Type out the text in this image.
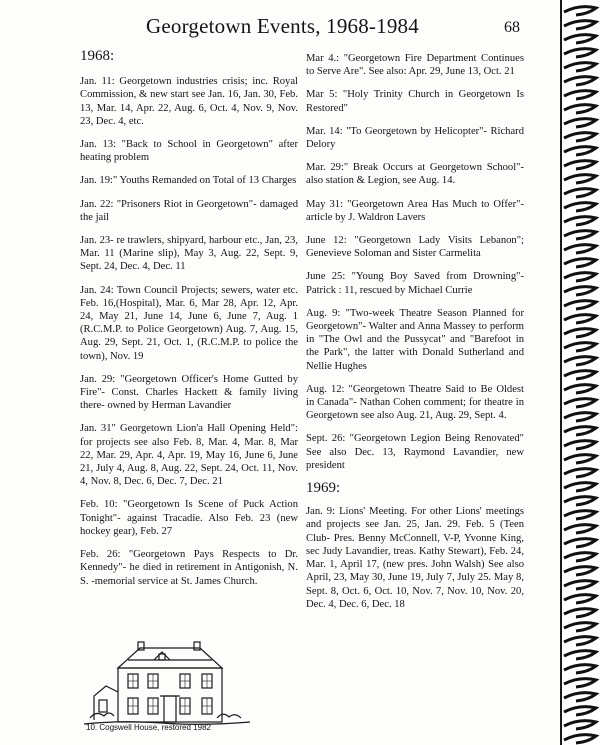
Georgetown Events, 1968-1984	68
1968:
Jan. 11: Georgetown industries crisis; inc. Royal Commission, & new start see Jan. 16, Jan. 30, Feb. 13, Mar. 14, Apr. 22, Aug. 6, Oct. 4, Nov. 9, Nov. 23, Dec. 4, etc.
Jan. 13: "Back to School in Georgetown" after heating problem
Jan. 19:" Youths Remanded on Total of 13 Charges
Jan. 22: "Prisoners Riot in Georgetown"- damaged the jail
Jan. 23- re trawlers, shipyard, harbour etc., Jan, 23, Mar. 11 (Marine slip), May 3, Aug. 22, Sept. 9, Sept. 24, Dec. 4, Dec. 11
Jan. 24: Town Council Projects; sewers, water etc. Feb. 16,(Hospital), Mar. 6, Mar 28, Apr. 12, Apr. 24, May 21, June 14, June 6, June 7, Aug. 1 (R.C.M.P. to Police Georgetown) Aug. 7, Aug. 15, Aug. 29, Sept. 21, Oct. 1, (R.C.M.P. to police the town), Nov. 19
Jan. 29: "Georgetown Officer's Home Gutted by Fire"- Const. Charles Hackett & family living there- owned by Herman Lavandier
Jan. 31" Georgetown Lion'a Hall Opening Held": for projects see also Feb. 8, Mar. 4, Mar. 8, Mar 22, Mar. 29, Apr. 4, Apr. 19, May 16, June 6, June 21, July 4, Aug. 8, Aug. 22, Sept. 24, Oct. 11, Nov. 4, Nov. 8, Dec. 6, Dec. 7, Dec. 21
Feb. 10: "Georgetown Is Scene of Puck Action Tonight"- against Tracadie. Also Feb. 23 (new hockey gear), Feb. 27
Feb. 26: "Georgetown Pays Respects to Dr. Kennedy"- he died in retirement in Antigonish, N. S. -memorial service at St. James Church.
Mar 4.: "Georgetown Fire Department Continues to Serve Are". See also: Apr. 29, June 13, Oct. 21
Mar 5: "Holy Trinity Church in Georgetown Is Restored"
Mar. 14: "To Georgetown by Helicopter"- Richard Delory
Mar. 29:" Break Occurs at Georgetown School"- also station & Legion, see Aug. 14.
May 31: "Georgetown Area Has Much to Offer"- article by J. Waldron Lavers
June 12: "Georgetown Lady Visits Lebanon"; Genevieve Soloman and Sister Carmelita
June 25: "Young Boy Saved from Drowning"- Patrick : 11, rescued by Michael Currie
Aug. 9: "Two-week Theatre Season Planned for Georgetown"- Walter and Anna Massey to perform in "The Owl and the Pussycat" and "Barefoot in the Park", the latter with Donald Sutherland and Nellie Hughes
Aug. 12: "Georgetown Theatre Said to Be Oldest in Canada"- Nathan Cohen comment; for theatre in Georgetown see also Aug. 21, Aug. 29, Sept. 4.
Sept. 26: "Georgetown Legion Being Renovated" See also Dec. 13, Raymond Lavandier, new president
1969:
Jan. 9: Lions' Meeting. For other Lions' meetings and projects see Jan. 25, Jan. 29. Feb. 5 (Teen Club- Pres. Benny McConnell, V-P, Yvonne King, sec Judy Lavandier, treas. Kathy Stewart), Feb. 24, Mar. 1, April 17, (new pres. John Walsh) See also April, 23, May 30, June 19, July 7, July 25. May 8, Sept. 8, Oct. 6, Oct. 10, Nov. 7, Nov. 10, Nov. 20, Dec. 4, Dec. 6, Dec. 18
10. Cogswell House, restored 1982
